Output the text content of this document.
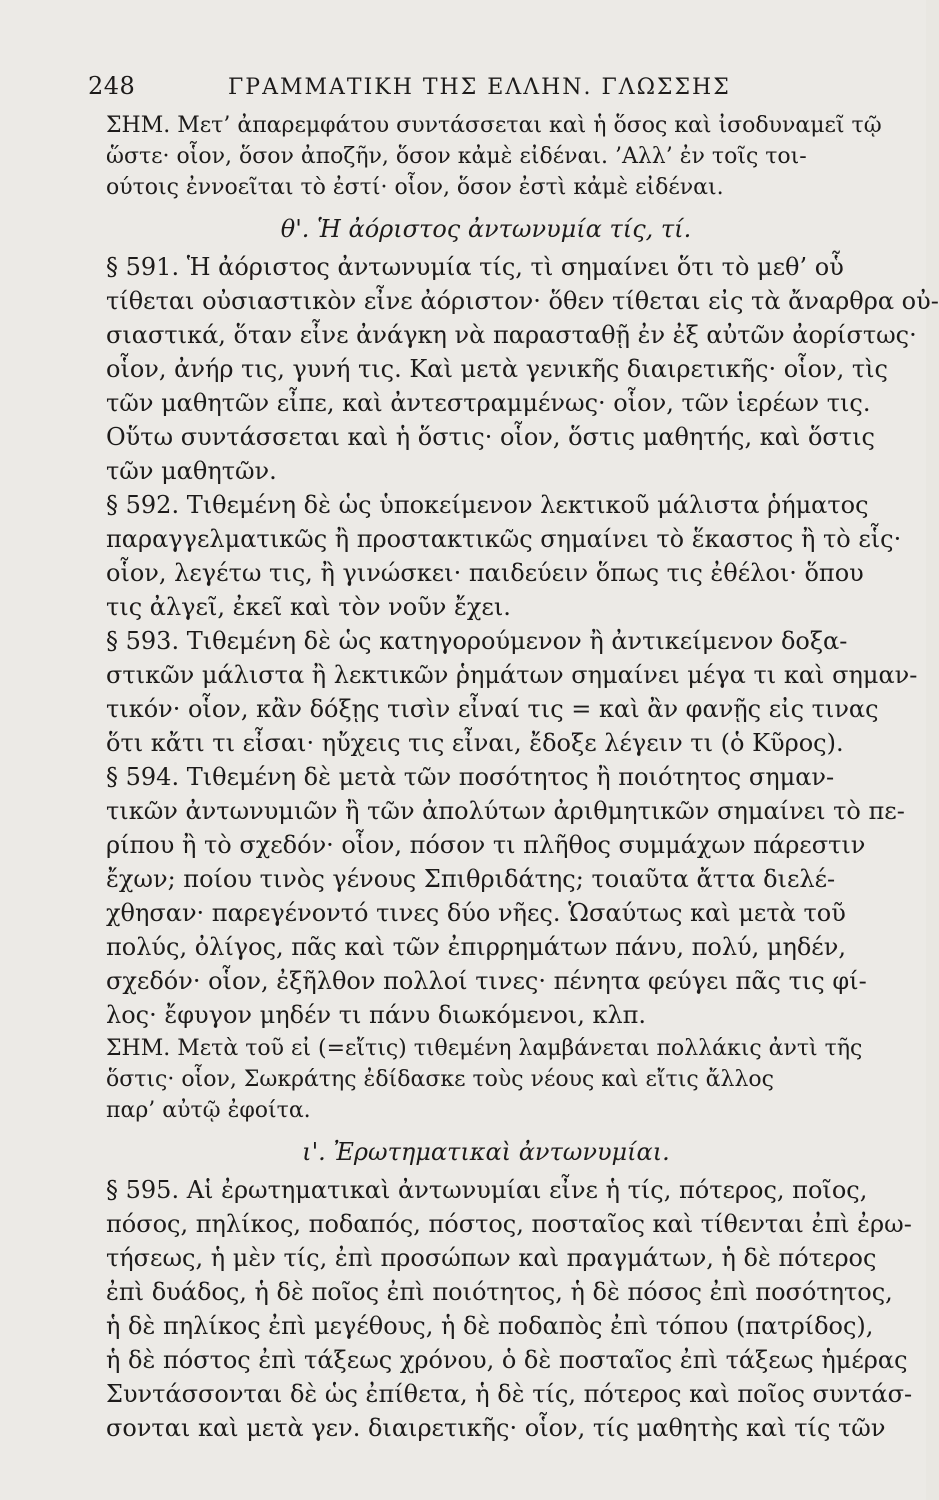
248	ΓΡΑΜΜΑΤΙΚΗ ΤΗΣ ΕΛΛΗΝ. ΓΛΩΣΣΗΣ
ΣΗΜ. Μετ’ ἀπαρεμφάτου συντάσσεται καὶ ἡ ὅσος καὶ ἰσοδυναμεῖ τῷ
ὥστε· οἷον, ὅσον ἀποζῆν, ὅσον κἀμὲ εἰδέναι. ’Αλλ’ ἐν τοῖς τοι-
ούτοις ἐννοεῖται τὸ ἐστί· οἷον, ὅσον ἐστὶ κἀμὲ εἰδέναι.
θ'. Ἡ ἀόριστος ἀντωνυμία τίς, τί.
§ 591. Ἡ ἀόριστος ἀντωνυμία τίς, τὶ σημαίνει ὅτι τὸ μεθ’ οὗ
τίθεται οὐσιαστικὸν εἶνε ἀόριστον· ὅθεν τίθεται εἰς τὰ ἄναρθρα οὐ-
σιαστικά, ὅταν εἶνε ἀνάγκη νὰ παρασταθῇ ἐν ἐξ αὐτῶν ἀορίστως·
οἷον, ἀνήρ τις, γυνή τις. Καὶ μετὰ γενικῆς διαιρετικῆς· οἷον, τὶς
τῶν μαθητῶν εἶπε, καὶ ἀντεστραμμένως· οἷον, τῶν ἱερέων τις.
Οὕτω συντάσσεται καὶ ἡ ὅστις· οἷον, ὅστις μαθητής, καὶ ὅστις
τῶν μαθητῶν.
§ 592. Τιθεμένη δὲ ὡς ὑποκείμενον λεκτικοῦ μάλιστα ῥήματος
παραγγελματικῶς ἢ προστακτικῶς σημαίνει τὸ ἕκαστος ἢ τὸ εἷς·
οἷον, λεγέτω τις, ἢ γινώσκει· παιδεύειν ὅπως τις ἐθέλοι· ὅπου
τις ἀλγεῖ, ἐκεῖ καὶ τὸν νοῦν ἔχει.
§ 593. Τιθεμένη δὲ ὡς κατηγορούμενον ἢ ἀντικείμενον δοξα-
στικῶν μάλιστα ἢ λεκτικῶν ῥημάτων σημαίνει μέγα τι καὶ σημαν-
τικόν· οἷον, κἂν δόξῃς τισὶν εἶναί τις = καὶ ἂν φανῇς εἰς τινας
ὅτι κἄτι τι εἶσαι· ηὔχεις τις εἶναι, ἔδοξε λέγειν τι (ὁ Κῦρος).
§ 594. Τιθεμένη δὲ μετὰ τῶν ποσότητος ἢ ποιότητος σημαν-
τικῶν ἀντωνυμιῶν ἢ τῶν ἀπολύτων ἀριθμητικῶν σημαίνει τὸ πε-
ρίπου ἢ τὸ σχεδόν· οἷον, πόσον τι πλῆθος συμμάχων πάρεστιν
ἔχων; ποίου τινὸς γένους Σπιθριδάτης; τοιαῦτα ἄττα διελέ-
χθησαν· παρεγένοντό τινες δύο νῆες. Ὡσαύτως καὶ μετὰ τοῦ
πολύς, ὀλίγος, πᾶς καὶ τῶν ἐπιρρημάτων πάνυ, πολύ, μηδέν,
σχεδόν· οἷον, ἐξῆλθον πολλοί τινες· πένητα φεύγει πᾶς τις φί-
λος· ἔφυγον μηδέν τι πάνυ διωκόμενοι, κλπ.
ΣΗΜ. Μετὰ τοῦ εἰ (=εἴτις) τιθεμένη λαμβάνεται πολλάκις ἀντὶ τῆς
ὅστις· οἷον, Σωκράτης ἐδίδασκε τοὺς νέους καὶ εἴτις ἄλλος
παρ’ αὐτῷ ἐφοίτα.
ι'. Ἐρωτηματικαὶ ἀντωνυμίαι.
§ 595. Αἱ ἐρωτηματικαὶ ἀντωνυμίαι εἶνε ἡ τίς, πότερος, ποῖος,
πόσος, πηλίκος, ποδαπός, πόστος, ποσταῖος καὶ τίθενται ἐπὶ ἐρω-
τήσεως, ἡ μὲν τίς, ἐπὶ προσώπων καὶ πραγμάτων, ἡ δὲ πότερος
ἐπὶ δυάδος, ἡ δὲ ποῖος ἐπὶ ποιότητος, ἡ δὲ πόσος ἐπὶ ποσότητος,
ἡ δὲ πηλίκος ἐπὶ μεγέθους, ἡ δὲ ποδαπὸς ἐπὶ τόπου (πατρίδος),
ἡ δὲ πόστος ἐπὶ τάξεως χρόνου, ὁ δὲ ποσταῖος ἐπὶ τάξεως ἡμέρας
Συντάσσονται δὲ ὡς ἐπίθετα, ἡ δὲ τίς, πότερος καὶ ποῖος συντάσ-
σονται καὶ μετὰ γεν. διαιρετικῆς· οἷον, τίς μαθητὴς καὶ τίς τῶν
